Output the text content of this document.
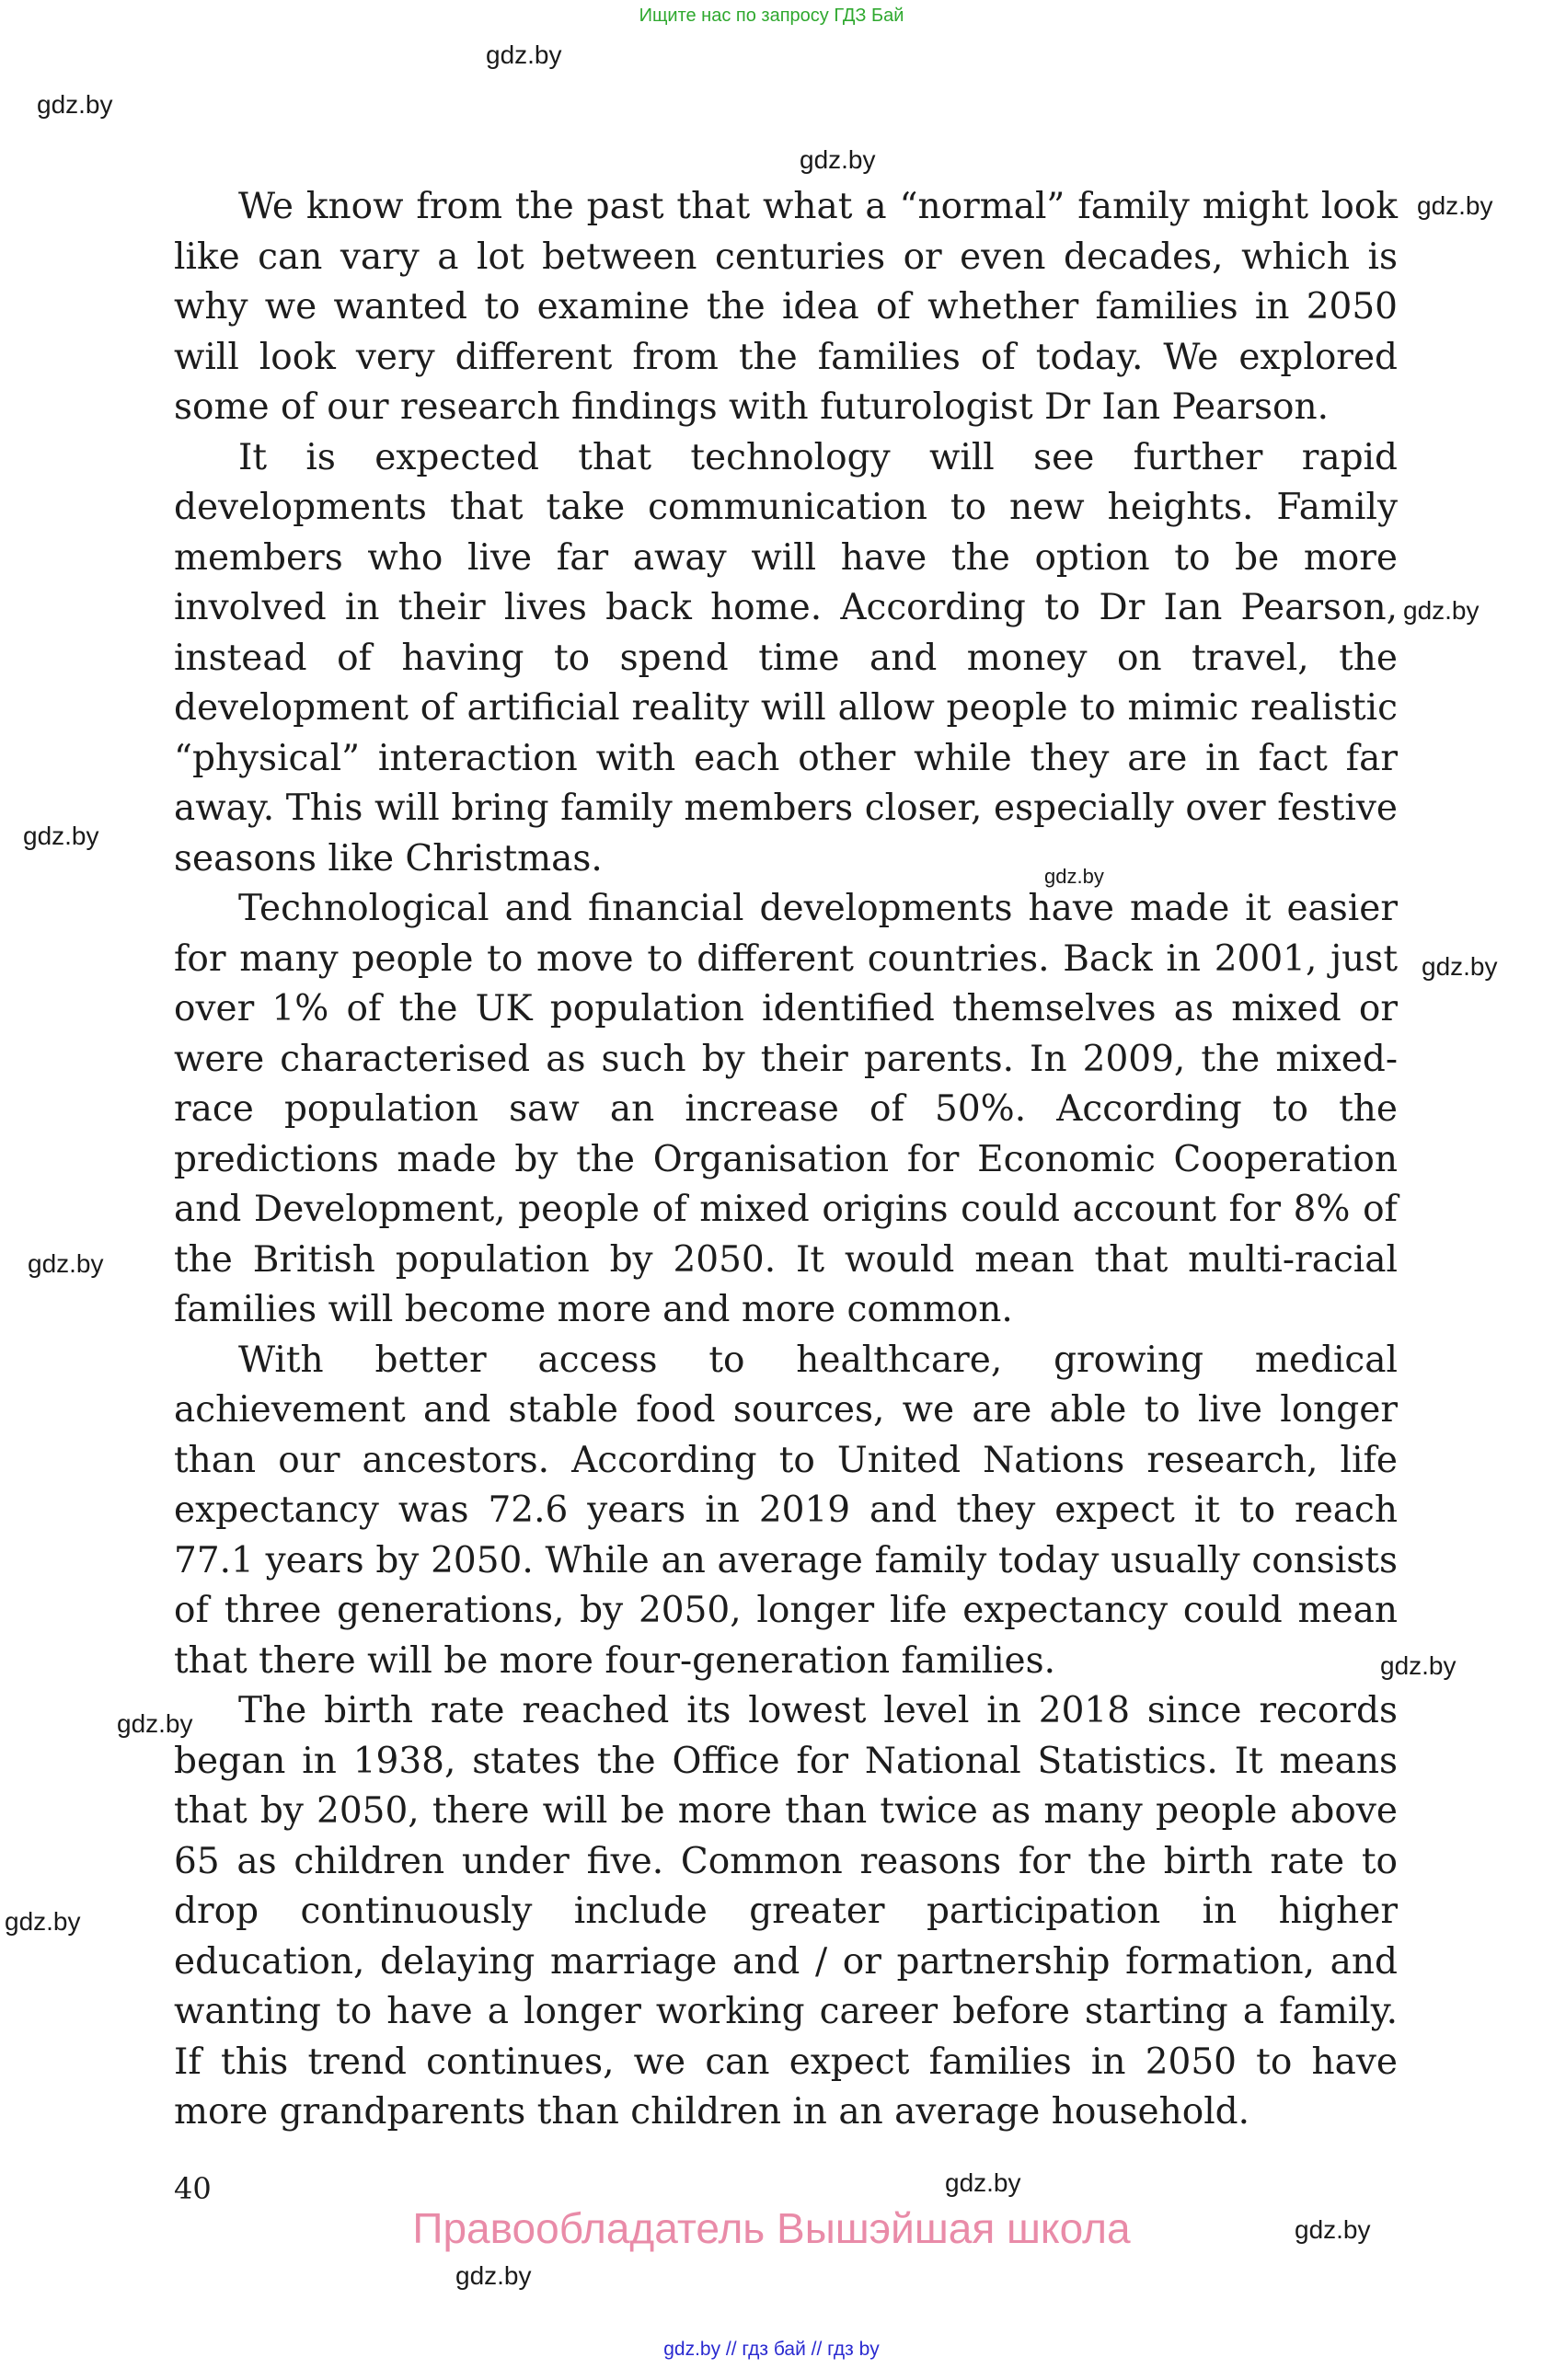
Ищите нас по запросу ГДЗ Бай
gdz.by
gdz.by
gdz.by
gdz.by
gdz.by
gdz.by
gdz.by
gdz.by
gdz.by
gdz.by
gdz.by
gdz.by
gdz.by
gdz.by
gdz.by

We know from the past that what a “normal” family might look like can vary a lot between centuries or even decades, which is why we wanted to examine the idea of whether families in 2050 will look very different from the families of today. We explored some of our research findings with futurologist Dr Ian Pearson.

It is expected that technology will see further rapid developments that take communication to new heights. Family members who live far away will have the option to be more involved in their lives back home. According to Dr Ian Pearson, instead of having to spend time and money on travel, the development of artificial reality will allow people to mimic realistic “physical” interaction with each other while they are in fact far away. This will bring family members closer, especially over festive seasons like Christmas.

Technological and financial developments have made it easier for many people to move to different countries. Back in 2001, just over 1% of the UK population identified themselves as mixed or were characterised as such by their parents. In 2009, the mixed-race population saw an increase of 50%. According to the predictions made by the Organisation for Economic Cooperation and Development, people of mixed origins could account for 8% of the British population by 2050. It would mean that multi-racial families will become more and more common.

With better access to healthcare, growing medical achievement and stable food sources, we are able to live longer than our ancestors. According to United Nations research, life expectancy was 72.6 years in 2019 and they expect it to reach 77.1 years by 2050. While an average family today usually consists of three generations, by 2050, longer life expectancy could mean that there will be more four-generation families.

The birth rate reached its lowest level in 2018 since records began in 1938, states the Office for National Statistics. It means that by 2050, there will be more than twice as many people above 65 as children under five. Common reasons for the birth rate to drop continuously include greater participation in higher education, delaying marriage and / or partnership formation, and wanting to have a longer working career before starting a family. If this trend continues, we can expect families in 2050 to have more grandparents than children in an average household.

40
Правообладатель Вышэйшая школа
gdz.by // гдз бай // гдз by
